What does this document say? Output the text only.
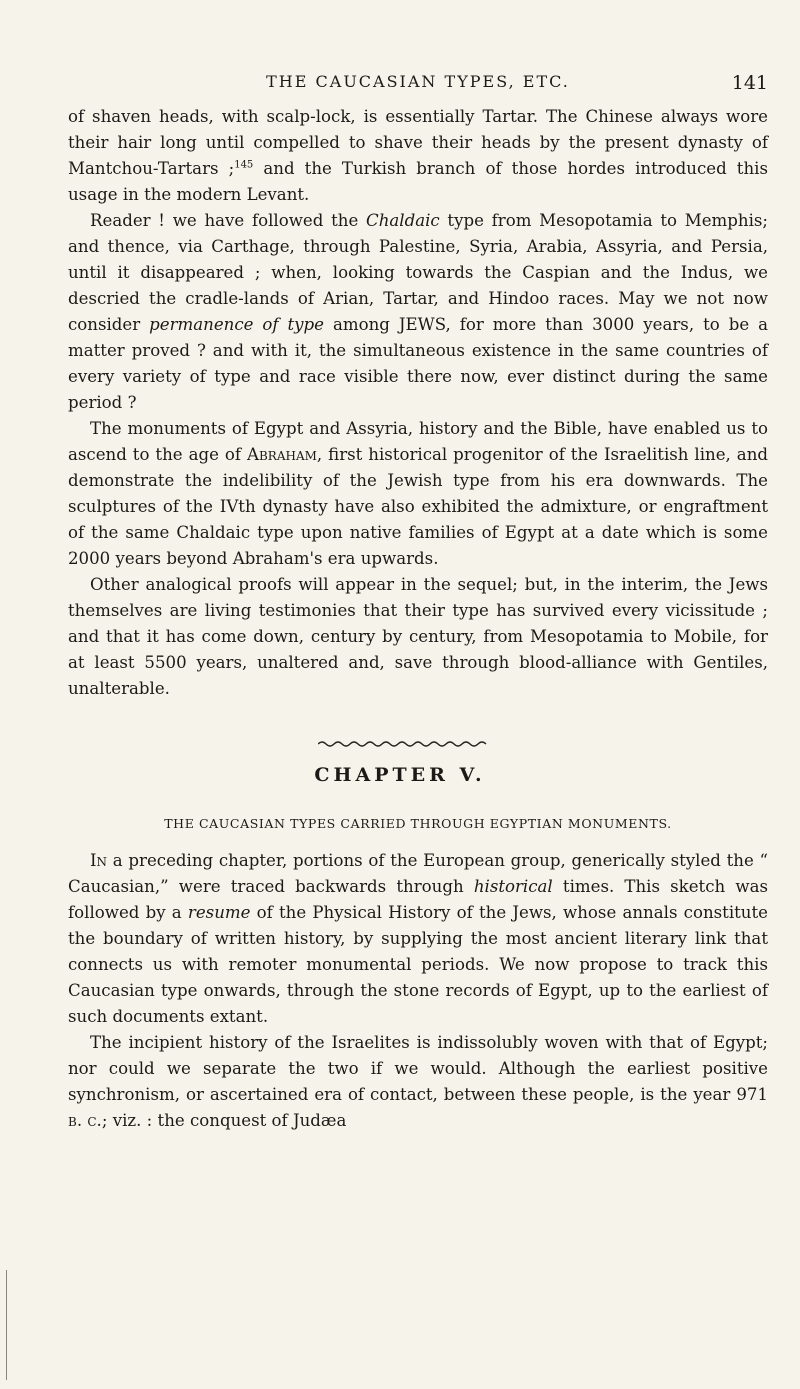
THE CAUCASIAN TYPES, ETC.	141

of shaven heads, with scalp-lock, is essentially Tartar. The Chinese always wore their hair long until compelled to shave their heads by the present dynasty of Mantchou-Tartars ;$^{145}$ and the Turkish branch of those hordes introduced this usage in the modern Levant.

Reader ! we have followed the Chaldaic type from Mesopotamia to Memphis; and thence, via Carthage, through Palestine, Syria, Arabia, Assyria, and Persia, until it disappeared ; when, looking towards the Caspian and the Indus, we descried the cradle-lands of Arian, Tartar, and Hindoo races. May we not now consider permanence of type among JEWS, for more than 3000 years, to be a matter proved ? and with it, the simultaneous existence in the same countries of every variety of type and race visible there now, ever distinct during the same period ?

The monuments of Egypt and Assyria, history and the Bible, have enabled us to ascend to the age of Abraham, first historical progenitor of the Israelitish line, and demonstrate the indelibility of the Jewish type from his era downwards. The sculptures of the IVth dynasty have also exhibited the admixture, or engraftment of the same Chaldaic type upon native families of Egypt at a date which is some 2000 years beyond Abraham's era upwards.

Other analogical proofs will appear in the sequel; but, in the interim, the Jews themselves are living testimonies that their type has survived every vicissitude ; and that it has come down, century by century, from Mesopotamia to Mobile, for at least 5500 years, unaltered and, save through blood-alliance with Gentiles, unalterable.

CHAPTER V.
THE CAUCASIAN TYPES CARRIED THROUGH EGYPTIAN MONUMENTS.

In a preceding chapter, portions of the European group, generically styled the “ Caucasian,” were traced backwards through historical times. This sketch was followed by a resume of the Physical History of the Jews, whose annals constitute the boundary of written history, by supplying the most ancient literary link that connects us with remoter monumental periods. We now propose to track this Caucasian type onwards, through the stone records of Egypt, up to the earliest of such documents extant.

The incipient history of the Israelites is indissolubly woven with that of Egypt; nor could we separate the two if we would. Although the earliest positive synchronism, or ascertained era of contact, between these people, is the year 971 b. c.; viz. : the conquest of Judæa
